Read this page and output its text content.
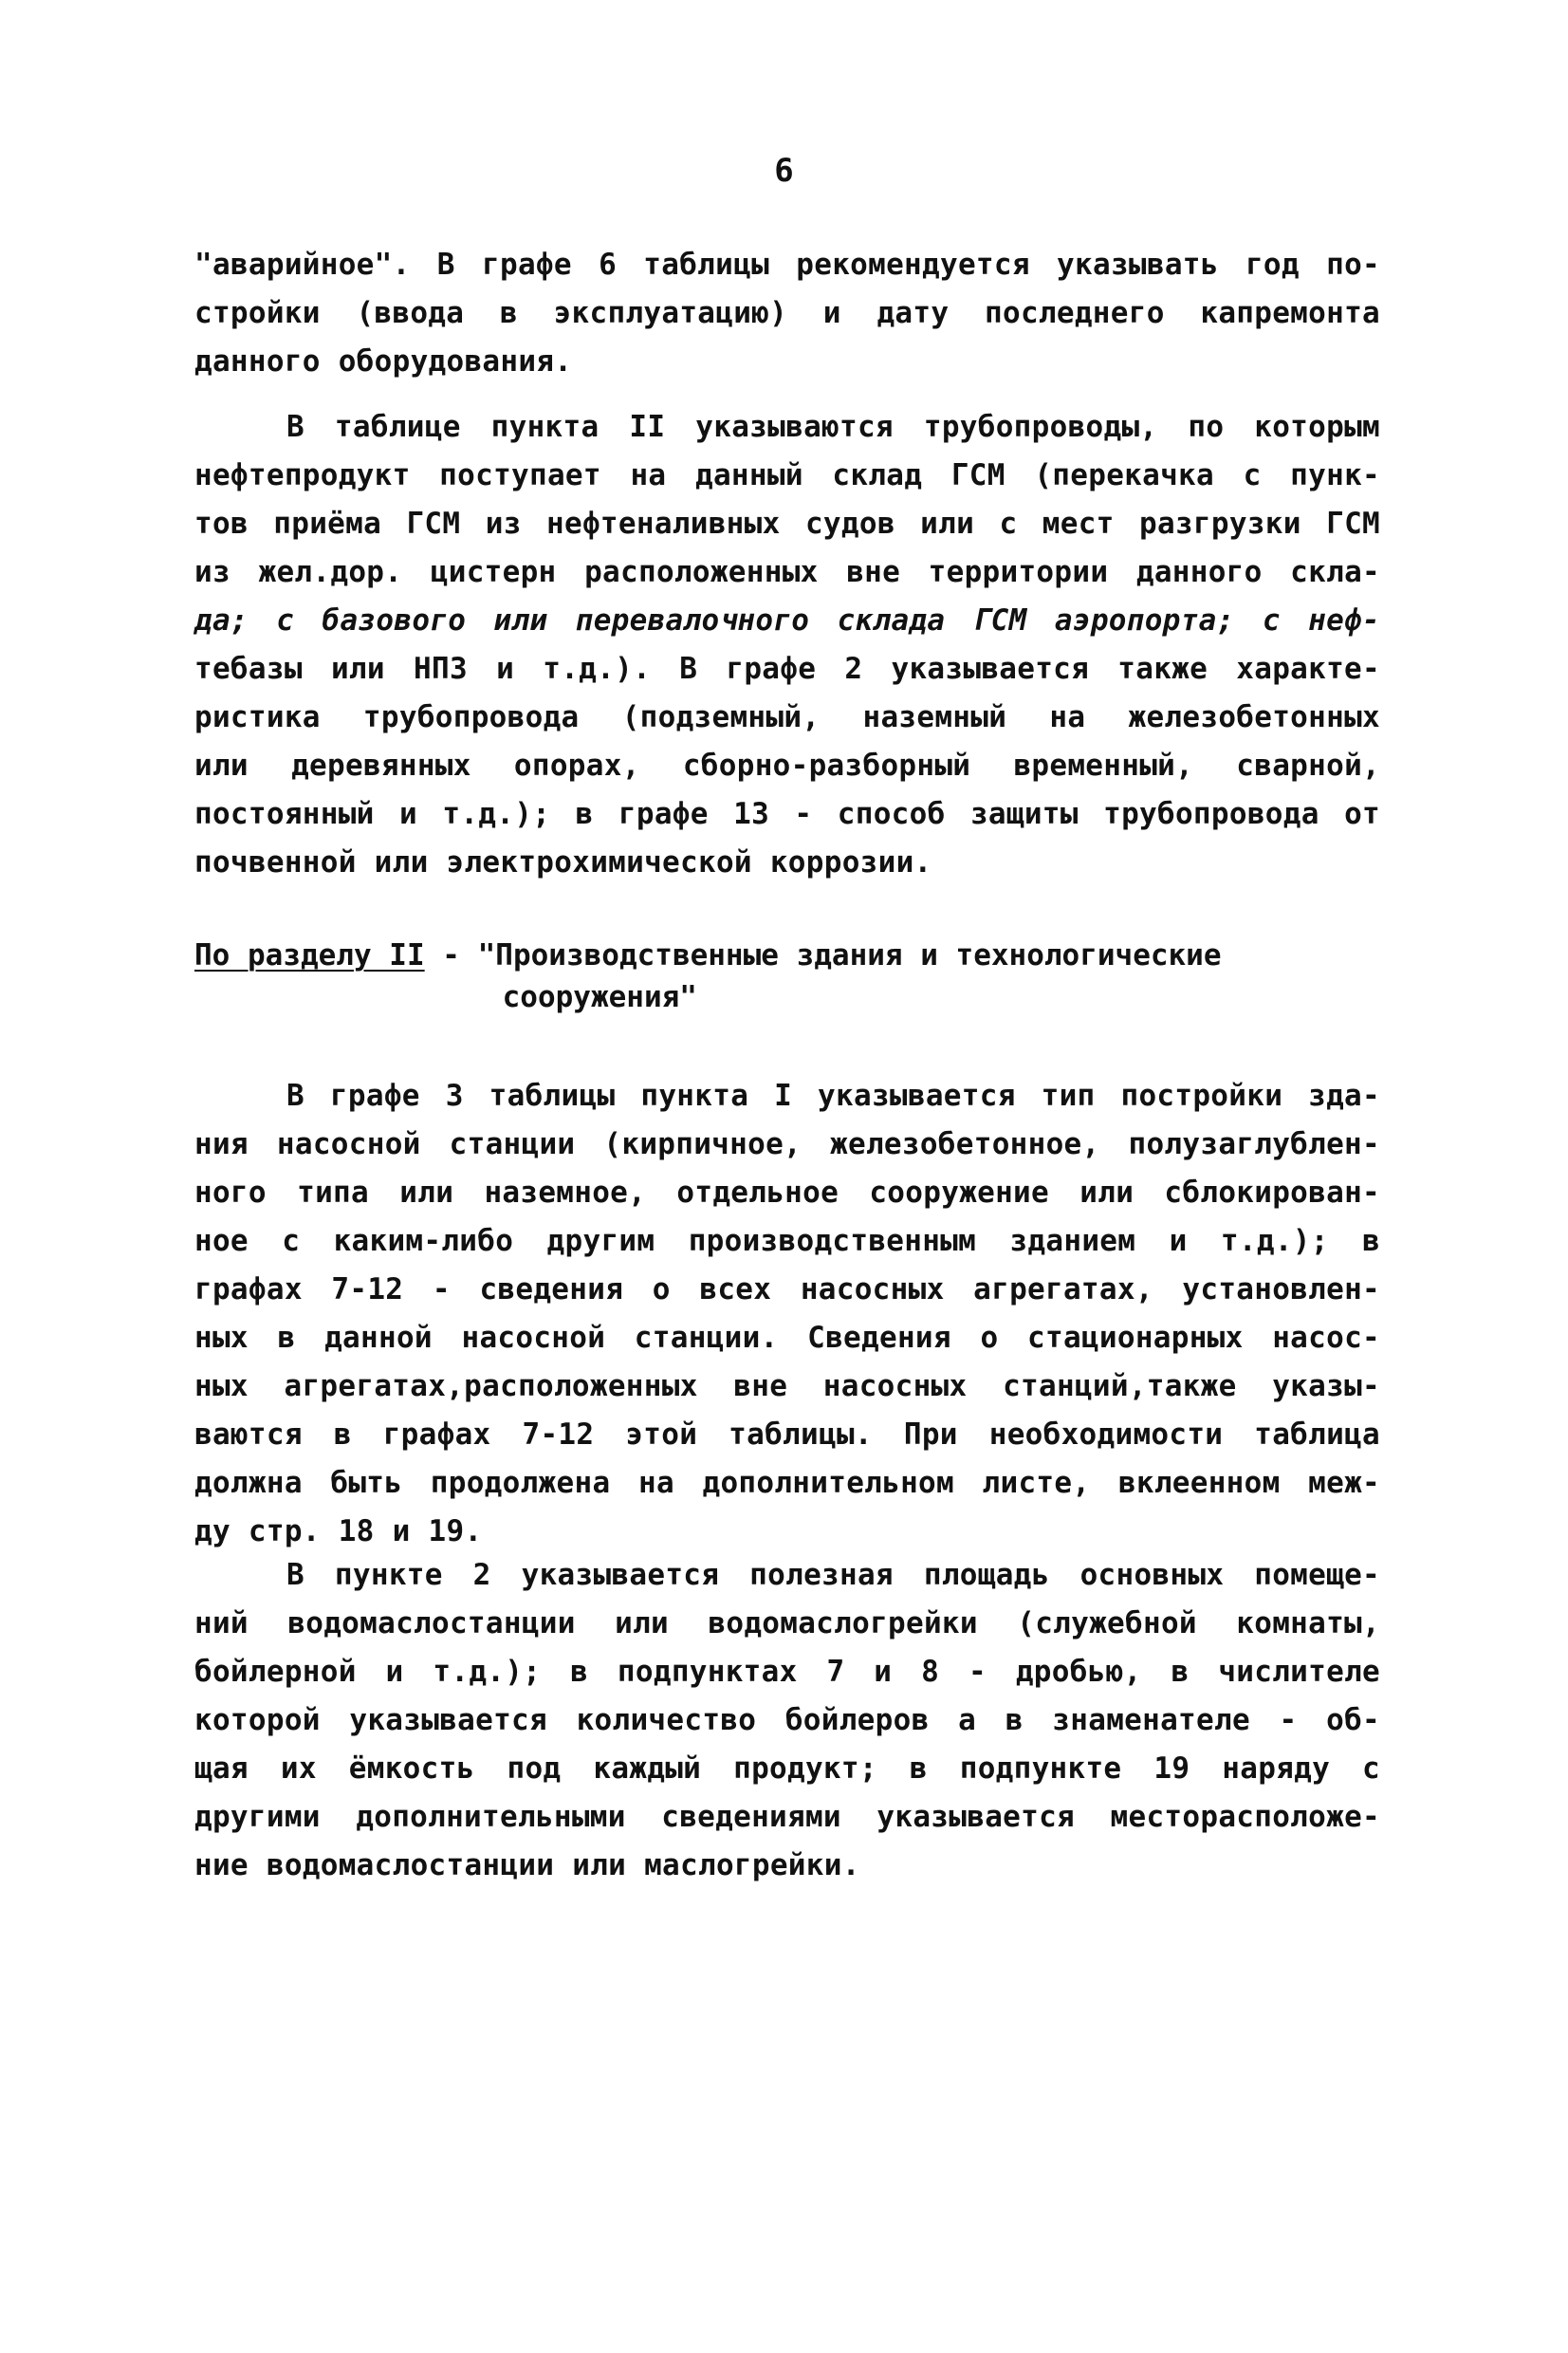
6
"аварийное". В графе 6 таблицы рекомендуется указывать год по-
стройки (ввода в эксплуатацию) и дату последнего капремонта
данного оборудования.
В таблице пункта II указываются трубопроводы, по которым
нефтепродукт поступает на данный склад ГСМ (перекачка с пунк-
тов приёма ГСМ из нефтеналивных судов или с мест разгрузки ГСМ
из жел.дор. цистерн расположенных вне территории данного скла-
да; с базового или перевалочного склада ГСМ аэропорта; с неф-
тебазы или НПЗ и т.д.). В графе 2 указывается также характе-
ристика трубопровода (подземный, наземный на железобетонных
или деревянных опорах, сборно-разборный временный, сварной,
постоянный и т.д.); в графе 13 - способ защиты трубопровода от
почвенной или электрохимической коррозии.
По разделу II - "Производственные здания и технологические
сооружения"
В графе 3 таблицы пункта I указывается тип постройки зда-
ния насосной станции (кирпичное, железобетонное, полузаглублен-
ного типа или наземное, отдельное сооружение или сблокирован-
ное с каким-либо другим производственным зданием и т.д.); в
графах 7-12 - сведения о всех насосных агрегатах, установлен-
ных в данной насосной станции. Сведения о стационарных насос-
ных агрегатах,расположенных вне насосных станций,также указы-
ваются в графах 7-12 этой таблицы. При необходимости таблица
должна быть продолжена на дополнительном листе, вклеенном меж-
ду стр. 18 и 19.
В пункте 2 указывается полезная площадь основных помеще-
ний водомаслостанции или водомаслогрейки (служебной комнаты,
бойлерной и т.д.); в подпунктах 7 и 8 - дробью, в числителе
которой указывается количество бойлеров а в знаменателе - об-
щая их ёмкость под каждый продукт; в подпункте 19 наряду с
другими дополнительными сведениями указывается месторасположе-
ние водомаслостанции или маслогрейки.
